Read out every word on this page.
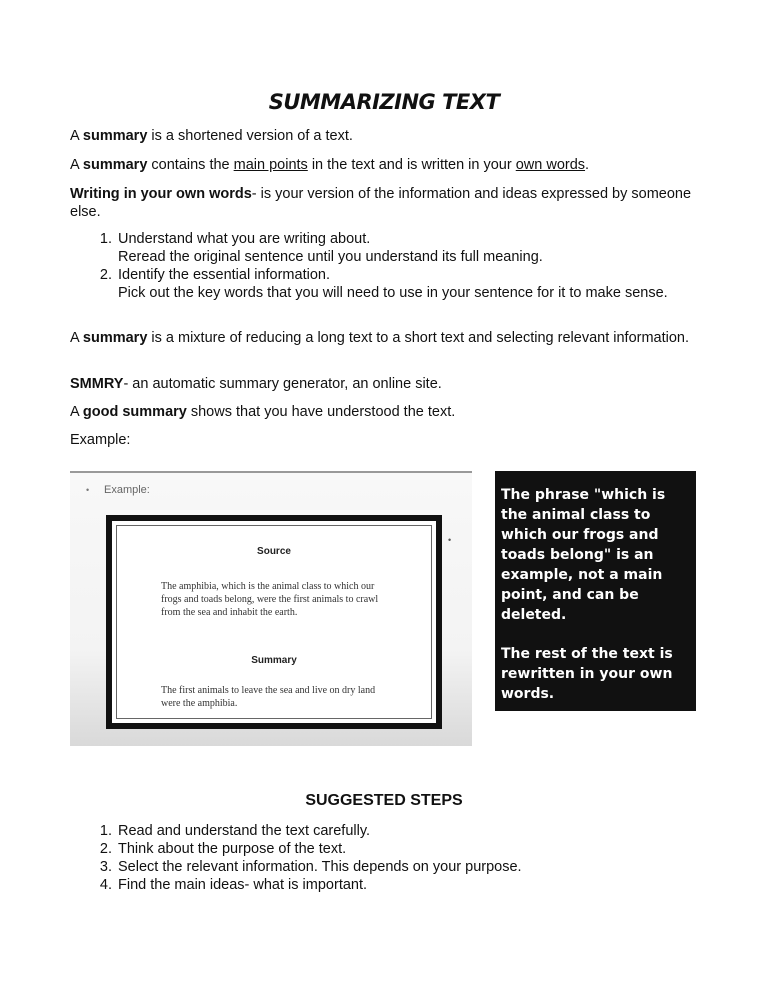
SUMMARIZING TEXT

A summary is a shortened version of a text.

A summary contains the main points in the text and is written in your own words.

Writing in your own words- is your version of the information and ideas expressed by someone else.

1. Understand what you are writing about.
Reread the original sentence until you understand its full meaning.
2. Identify the essential information.
Pick out the key words that you will need to use in your sentence for it to make sense.

A summary is a mixture of reducing a long text to a short text and selecting relevant information.

SMMRY- an automatic summary generator, an online site.

A good summary shows that you have understood the text.

Example:

• Example:
•
Source

The amphibia, which is the animal class to which our frogs and toads belong, were the first animals to crawl from the sea and inhabit the earth.

Summary

The first animals to leave the sea and live on dry land were the amphibia.

The phrase "which is the animal class to which our frogs and toads belong" is an example, not a main point, and can be deleted.

The rest of the text is rewritten in your own words.

SUGGESTED STEPS
1. Read and understand the text carefully.
2. Think about the purpose of the text.
3. Select the relevant information. This depends on your purpose.
4. Find the main ideas- what is important.
